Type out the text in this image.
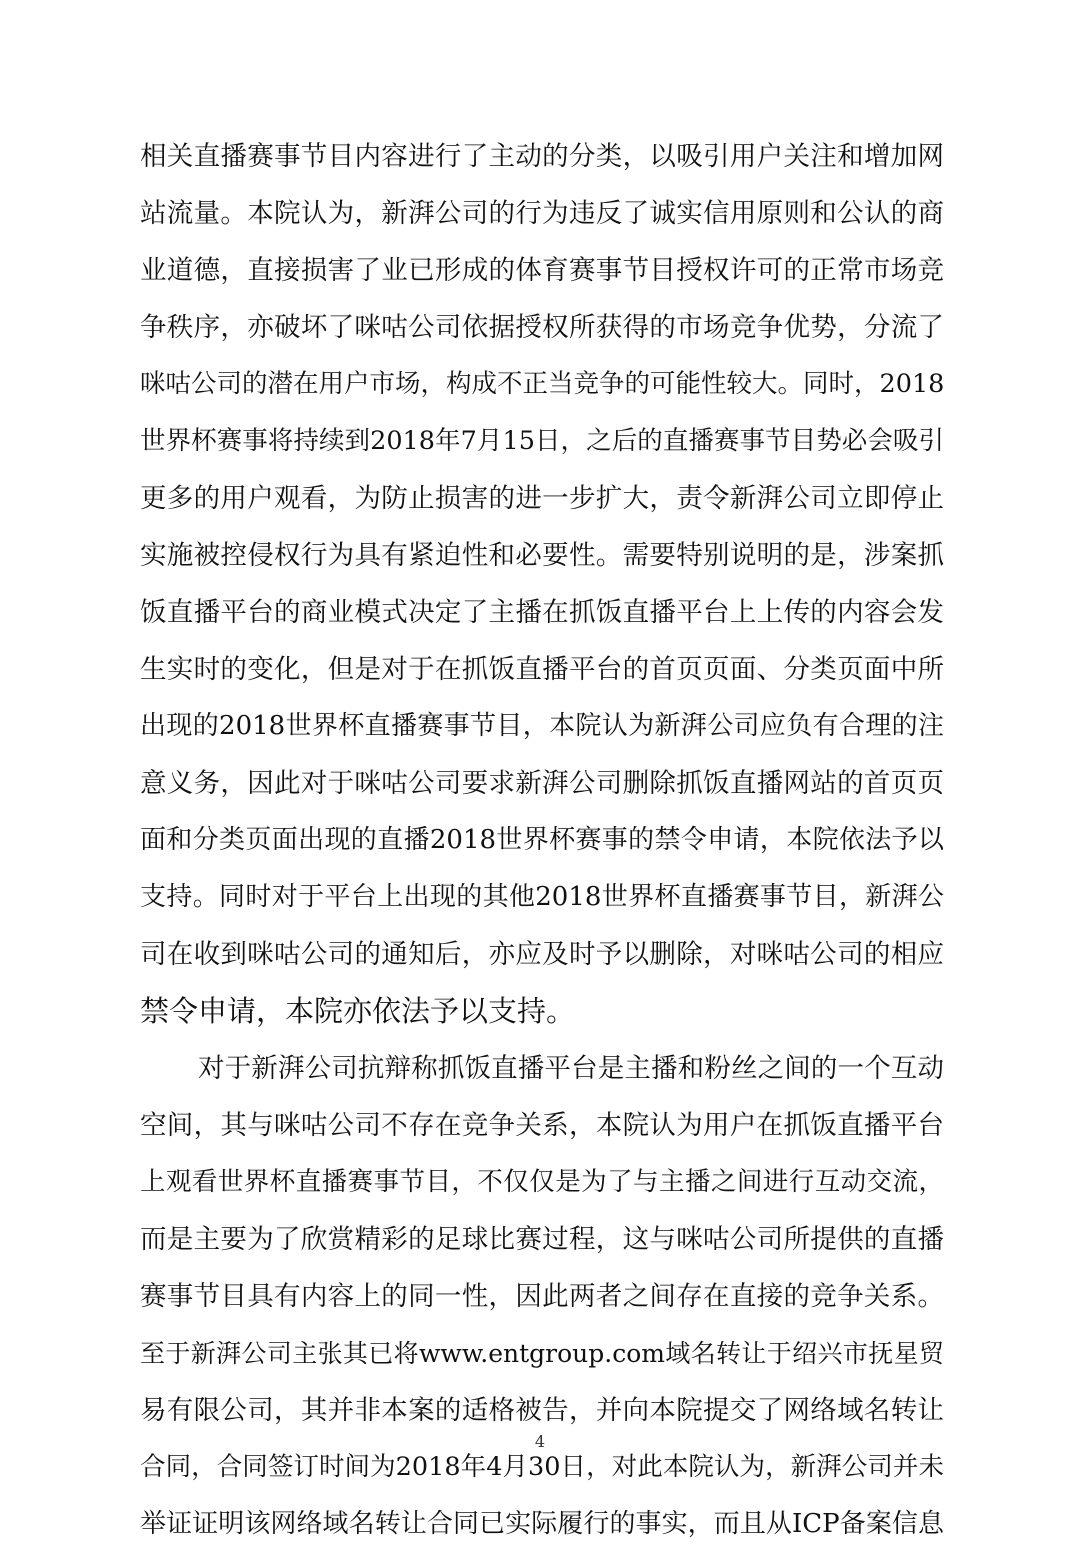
相关直播赛事节目内容进行了主动的分类，以吸引用户关注和增加网
站流量。本院认为，新湃公司的行为违反了诚实信用原则和公认的商
业道德，直接损害了业已形成的体育赛事节目授权许可的正常市场竞
争秩序，亦破坏了咪咕公司依据授权所获得的市场竞争优势，分流了
咪咕公司的潜在用户市场，构成不正当竞争的可能性较大。同时，2018
世界杯赛事将持续到2018年7月15日，之后的直播赛事节目势必会吸引
更多的用户观看，为防止损害的进一步扩大，责令新湃公司立即停止
实施被控侵权行为具有紧迫性和必要性。需要特别说明的是，涉案抓
饭直播平台的商业模式决定了主播在抓饭直播平台上上传的内容会发
生实时的变化，但是对于在抓饭直播平台的首页页面、分类页面中所
出现的2018世界杯直播赛事节目，本院认为新湃公司应负有合理的注
意义务，因此对于咪咕公司要求新湃公司删除抓饭直播网站的首页页
面和分类页面出现的直播2018世界杯赛事的禁令申请，本院依法予以
支持。同时对于平台上出现的其他2018世界杯直播赛事节目，新湃公
司在收到咪咕公司的通知后，亦应及时予以删除，对咪咕公司的相应
禁令申请，本院亦依法予以支持。
对于新湃公司抗辩称抓饭直播平台是主播和粉丝之间的一个互动
空间，其与咪咕公司不存在竞争关系，本院认为用户在抓饭直播平台
上观看世界杯直播赛事节目，不仅仅是为了与主播之间进行互动交流，
而是主要为了欣赏精彩的足球比赛过程，这与咪咕公司所提供的直播
赛事节目具有内容上的同一性，因此两者之间存在直接的竞争关系。
至于新湃公司主张其已将www.entgroup.com域名转让于绍兴市抚星贸
易有限公司，其并非本案的适格被告，并向本院提交了网络域名转让
合同，合同签订时间为2018年4月30日，对此本院认为，新湃公司并未
举证证明该网络域名转让合同已实际履行的事实，而且从ICP备案信息
4
